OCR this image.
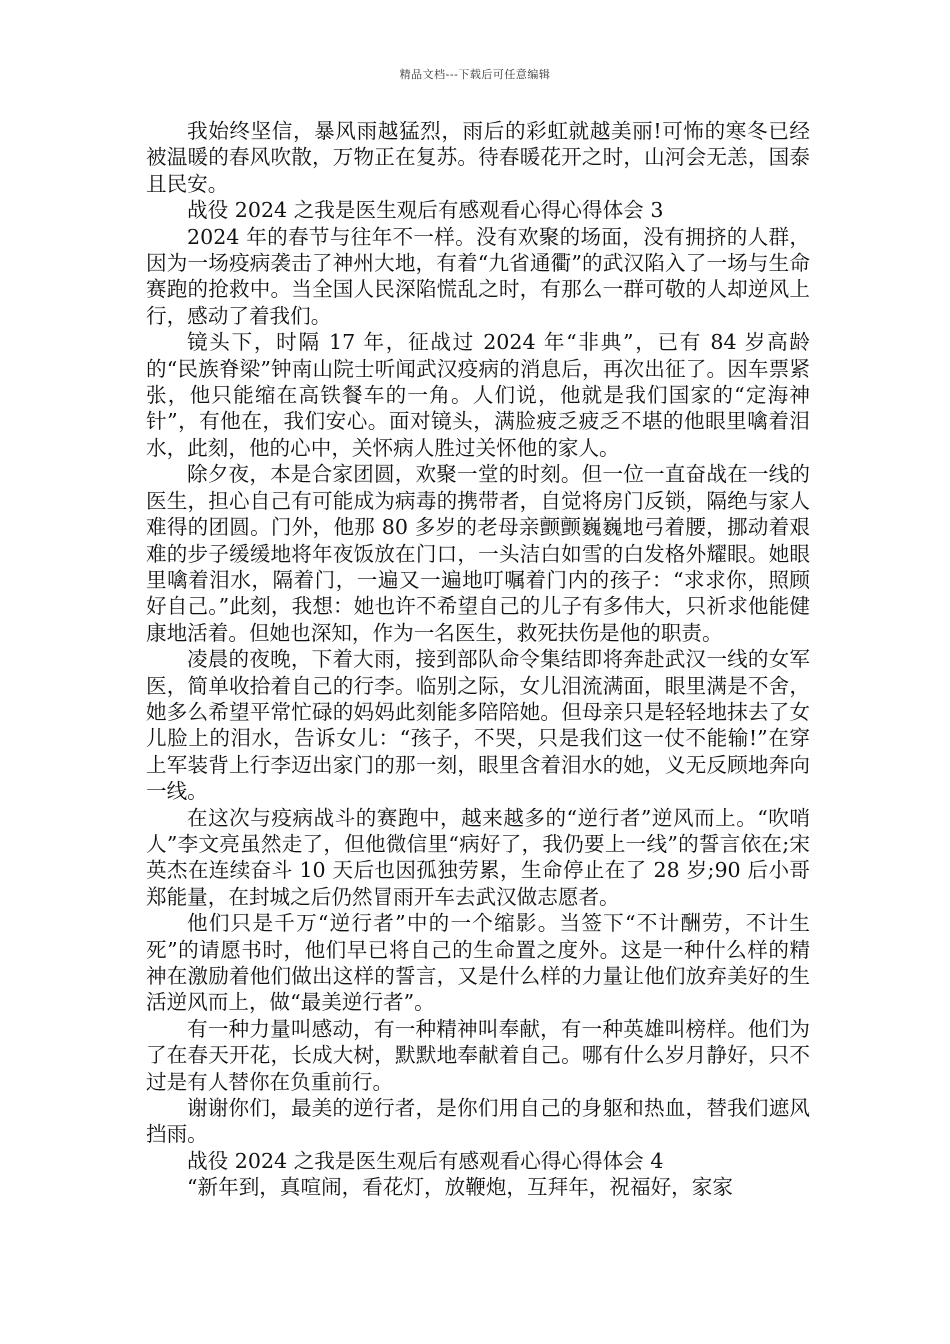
精品文档---下载后可任意编辑

我始终坚信，暴风雨越猛烈，雨后的彩虹就越美丽!可怖的寒冬已经被温暖的春风吹散，万物正在复苏。待春暖花开之时，山河会无恙，国泰且民安。

战役 2024 之我是医生观后有感观看心得心得体会 3

2024 年的春节与往年不一样。没有欢聚的场面，没有拥挤的人群，因为一场疫病袭击了神州大地，有着“九省通衢”的武汉陷入了一场与生命赛跑的抢救中。当全国人民深陷慌乱之时，有那么一群可敬的人却逆风上行，感动了着我们。

镜头下，时隔 17 年，征战过 2024 年“非典”，已有 84 岁高龄的“民族脊梁”钟南山院士听闻武汉疫病的消息后，再次出征了。因车票紧张，他只能缩在高铁餐车的一角。人们说，他就是我们国家的“定海神针”，有他在，我们安心。面对镜头，满脸疲乏疲乏不堪的他眼里噙着泪水，此刻，他的心中，关怀病人胜过关怀他的家人。

除夕夜，本是合家团圆，欢聚一堂的时刻。但一位一直奋战在一线的医生，担心自己有可能成为病毒的携带者，自觉将房门反锁，隔绝与家人难得的团圆。门外，他那 80 多岁的老母亲颤颤巍巍地弓着腰，挪动着艰难的步子缓缓地将年夜饭放在门口，一头洁白如雪的白发格外耀眼。她眼里噙着泪水，隔着门，一遍又一遍地叮嘱着门内的孩子：“求求你，照顾好自己。”此刻，我想：她也许不希望自己的儿子有多伟大，只祈求他能健康地活着。但她也深知，作为一名医生，救死扶伤是他的职责。

凌晨的夜晚，下着大雨，接到部队命令集结即将奔赴武汉一线的女军医，简单收拾着自己的行李。临别之际，女儿泪流满面，眼里满是不舍，她多么希望平常忙碌的妈妈此刻能多陪陪她。但母亲只是轻轻地抹去了女儿脸上的泪水，告诉女儿：“孩子，不哭，只是我们这一仗不能输!”在穿上军装背上行李迈出家门的那一刻，眼里含着泪水的她，义无反顾地奔向一线。

在这次与疫病战斗的赛跑中，越来越多的“逆行者”逆风而上。“吹哨人”李文亮虽然走了，但他微信里“病好了，我仍要上一线”的誓言依在;宋英杰在连续奋斗 10 天后也因孤独劳累，生命停止在了 28 岁;90 后小哥郑能量，在封城之后仍然冒雨开车去武汉做志愿者。

他们只是千万“逆行者”中的一个缩影。当签下“不计酬劳，不计生死”的请愿书时，他们早已将自己的生命置之度外。这是一种什么样的精神在激励着他们做出这样的誓言，又是什么样的力量让他们放弃美好的生活逆风而上，做“最美逆行者”。

有一种力量叫感动，有一种精神叫奉献，有一种英雄叫榜样。他们为了在春天开花，长成大树，默默地奉献着自己。哪有什么岁月静好，只不过是有人替你在负重前行。

谢谢你们，最美的逆行者，是你们用自己的身躯和热血，替我们遮风挡雨。

战役 2024 之我是医生观后有感观看心得心得体会 4

“新年到，真喧闹，看花灯，放鞭炮，互拜年，祝福好，家家
